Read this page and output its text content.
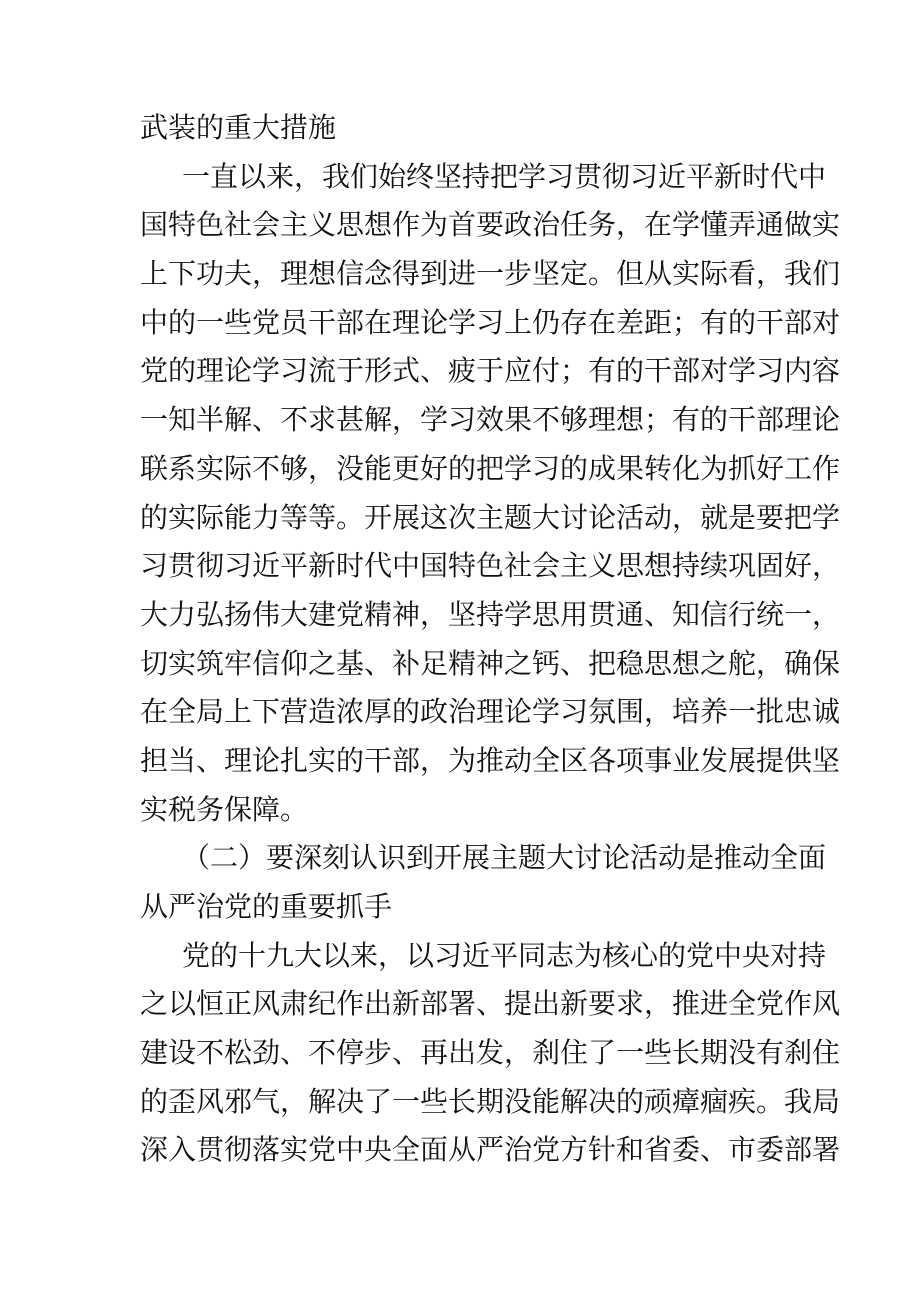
武装的重大措施
一直以来，我们始终坚持把学习贯彻习近平新时代中
国特色社会主义思想作为首要政治任务，在学懂弄通做实
上下功夫，理想信念得到进一步坚定。但从实际看，我们
中的一些党员干部在理论学习上仍存在差距；有的干部对
党的理论学习流于形式、疲于应付；有的干部对学习内容
一知半解、不求甚解，学习效果不够理想；有的干部理论
联系实际不够，没能更好的把学习的成果转化为抓好工作
的实际能力等等。开展这次主题大讨论活动，就是要把学
习贯彻习近平新时代中国特色社会主义思想持续巩固好，
大力弘扬伟大建党精神，坚持学思用贯通、知信行统一，
切实筑牢信仰之基、补足精神之钙、把稳思想之舵，确保
在全局上下营造浓厚的政治理论学习氛围，培养一批忠诚
担当、理论扎实的干部，为推动全区各项事业发展提供坚
实税务保障。
（二）要深刻认识到开展主题大讨论活动是推动全面
从严治党的重要抓手
党的十九大以来，以习近平同志为核心的党中央对持
之以恒正风肃纪作出新部署、提出新要求，推进全党作风
建设不松劲、不停步、再出发，刹住了一些长期没有刹住
的歪风邪气，解决了一些长期没能解决的顽瘴痼疾。我局
深入贯彻落实党中央全面从严治党方针和省委、市委部署
